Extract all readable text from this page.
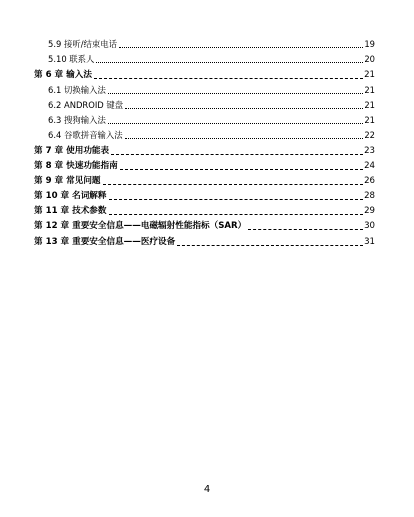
5.9 接听/结束电话	19
5.10 联系人	20
第 6 章 输入法	21
6.1 切换输入法	21
6.2 ANDROID 键盘	21
6.3 搜狗输入法	21
6.4 谷歌拼音输入法	22
第 7 章 使用功能表	23
第 8 章 快速功能指南	24
第 9 章 常见问题	26
第 10 章 名词解释	28
第 11 章 技术参数	29
第 12 章 重要安全信息——电磁辐射性能指标（SAR）	30
第 13 章 重要安全信息——医疗设备	31
4
